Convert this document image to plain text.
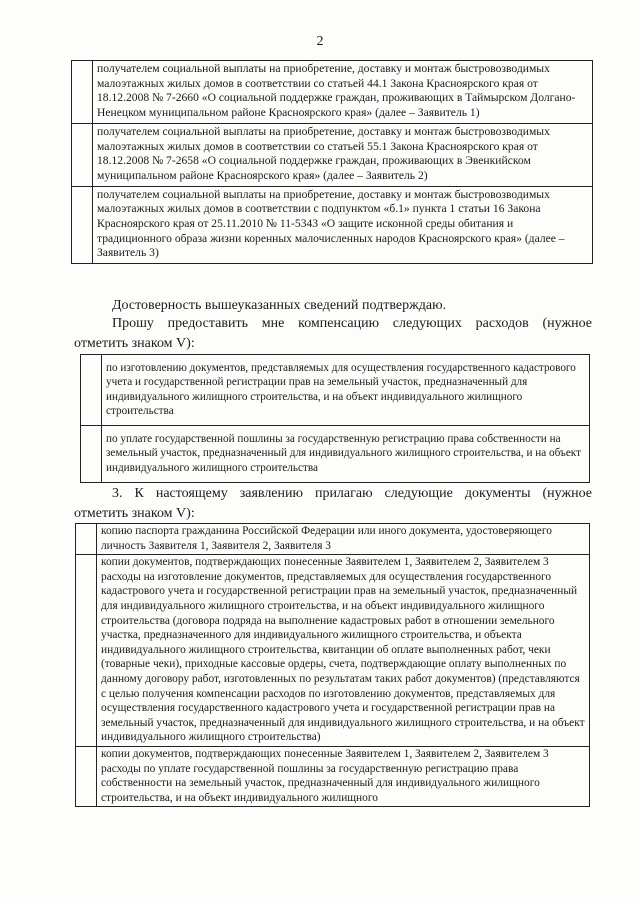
2
	получателем социальной выплаты на приобретение, доставку и монтаж быстровозводимых малоэтажных жилых домов в соответствии со статьей 44.1 Закона Красноярского края от 18.12.2008 № 7-2660 «О социальной поддержке граждан, проживающих в Таймырском Долгано-Ненецком муниципальном районе Красноярского края» (далее – Заявитель 1)
	получателем социальной выплаты на приобретение, доставку и монтаж быстровозводимых малоэтажных жилых домов в соответствии со статьей 55.1 Закона Красноярского края от 18.12.2008 № 7-2658 «О социальной поддержке граждан, проживающих в Эвенкийском муниципальном районе Красноярского края» (далее – Заявитель 2)
	получателем социальной выплаты на приобретение, доставку и монтаж быстровозводимых малоэтажных жилых домов в соответствии с подпунктом «б.1» пункта 1 статьи 16 Закона Красноярского края от 25.11.2010 № 11-5343 «О защите исконной среды обитания и традиционного образа жизни коренных малочисленных народов Красноярского края» (далее – Заявитель 3)

Достоверность вышеуказанных сведений подтверждаю.

Прошу предоставить мне компенсацию следующих расходов (нужное

отметить знаком V):

	по изготовлению документов, представляемых для осуществления государственного кадастрового учета и государственной регистрации прав на земельный участок, предназначенный для индивидуального жилищного строительства, и на объект индивидуального жилищного строительства
	по уплате государственной пошлины за государственную регистрацию права собственности на земельный участок, предназначенный для индивидуального жилищного строительства, и на объект индивидуального жилищного строительства

3. К настоящему заявлению прилагаю следующие документы (нужное

отметить знаком V):

	копию паспорта гражданина Российской Федерации или иного документа, удостоверяющего личность Заявителя 1, Заявителя 2, Заявителя 3
	копии документов, подтверждающих понесенные Заявителем 1, Заявителем 2, Заявителем 3 расходы на изготовление документов, представляемых для осуществления государственного кадастрового учета и государственной регистрации прав на земельный участок, предназначенный для индивидуального жилищного строительства, и на объект индивидуального жилищного строительства (договора подряда на выполнение кадастровых работ в отношении земельного участка, предназначенного для индивидуального жилищного строительства, и объекта индивидуального жилищного строительства, квитанции об оплате выполненных работ, чеки (товарные чеки), приходные кассовые ордеры, счета, подтверждающие оплату выполненных по данному договору работ, изготовленных по результатам таких работ документов) (представляются с целью получения компенсации расходов по изготовлению документов, представляемых для осуществления государственного кадастрового учета и государственной регистрации прав на земельный участок, предназначенный для индивидуального жилищного строительства, и на объект индивидуального жилищного строительства)
	копии документов, подтверждающих понесенные Заявителем 1, Заявителем 2, Заявителем 3 расходы по уплате государственной пошлины за государственную регистрацию права собственности на земельный участок, предназначенный для индивидуального жилищного строительства, и на объект индивидуального жилищного
